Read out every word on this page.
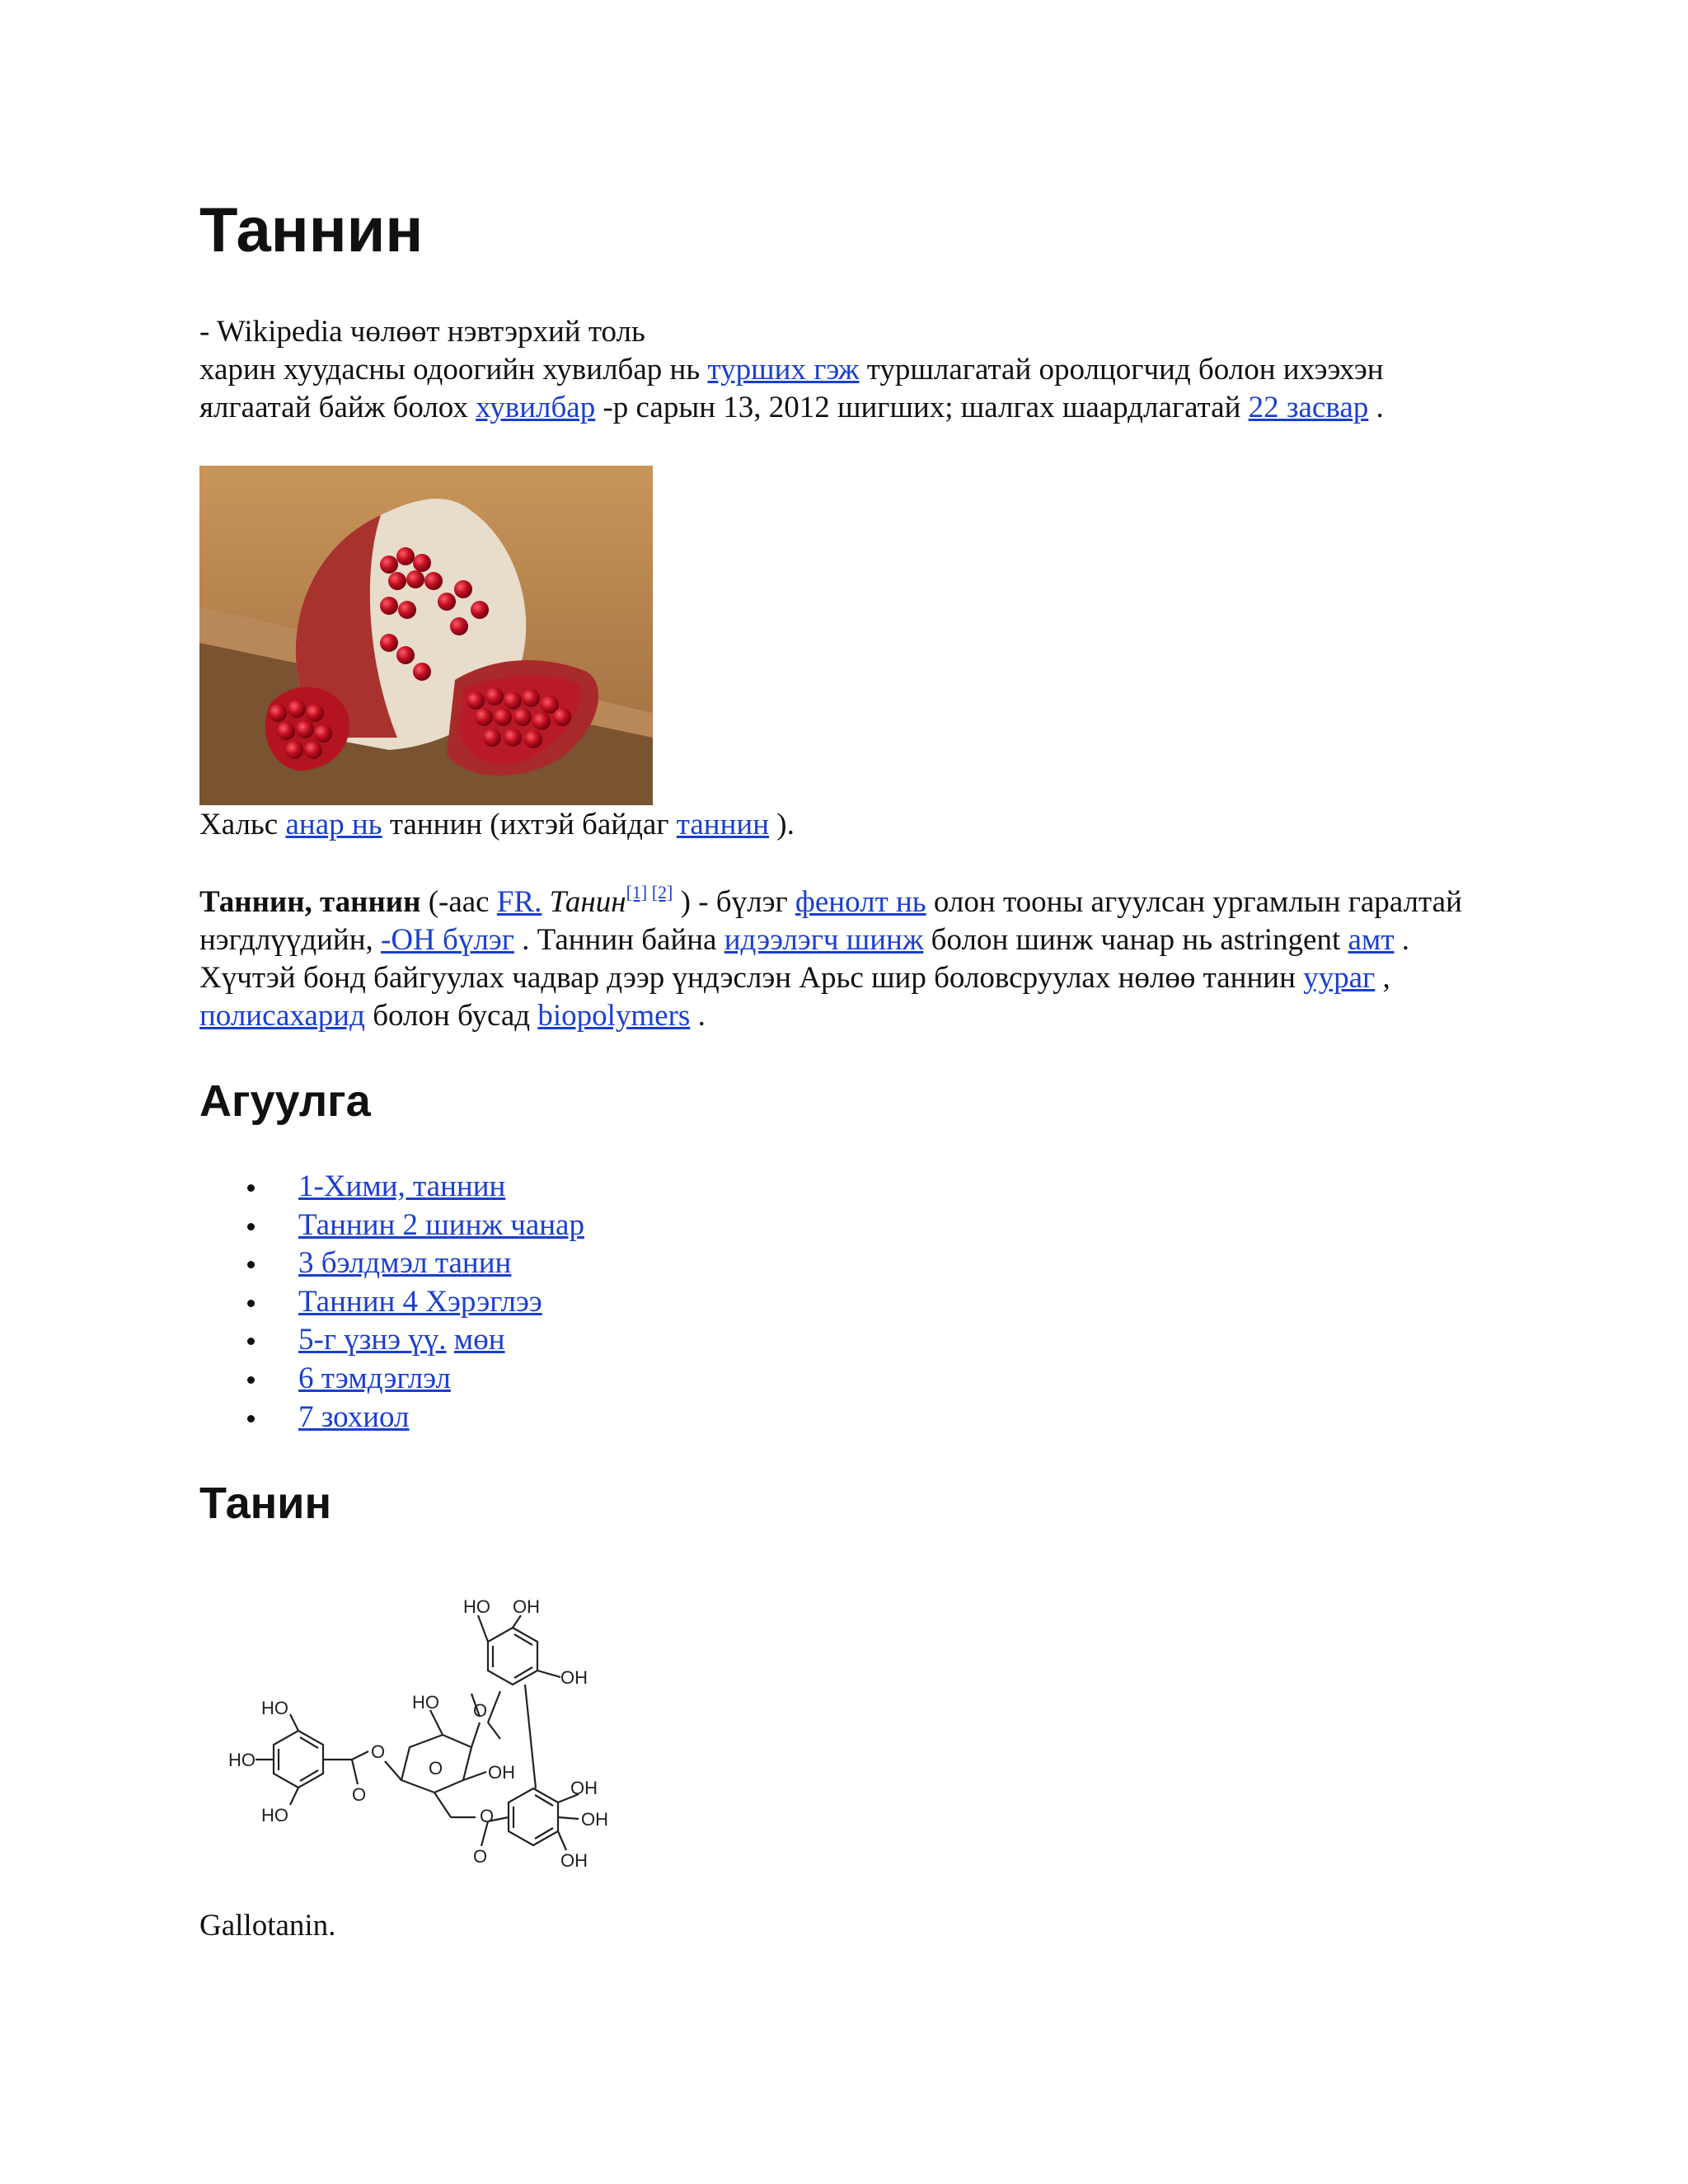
Таннин

- Wikipedia чөлөөт нэвтэрхий толь

харин хуудасны одоогийн хувилбар нь турших гэж туршлагатай оролцогчид болон ихээхэн ялгаатай байж болох хувилбар -р сарын 13, 2012 шигших; шалгах шаардлагатай 22 засвар .

Хальс анар нь таннин (ихтэй байдаг таннин ).
Таннин, таннин (-аас FR. Танин[1] [2] ) - бүлэг фенолт нь олон тооны агуулсан ургамлын гаралтай нэгдлүүдийн, -OH бүлэг . Таннин байна идээлэгч шинж болон шинж чанар нь astringent амт . Хүчтэй бонд байгуулах чадвар дээр үндэслэн Арьс шир боловсруулах нөлөө таннин уураг , полисахарид болон бусад biopolymers .
Агуулга
1-Хими, таннин
Таннин 2 шинж чанар
3 бэлдмэл танин
Таннин 4 Хэрэглээ
5-г үзнэ үү. мөн
6 тэмдэглэл
7 зохиол
Танин
HO OH
OH
HO O
OH
O
O
O
HO
HO
HO	O
O
OH
OH
OH
Gallotanin.
